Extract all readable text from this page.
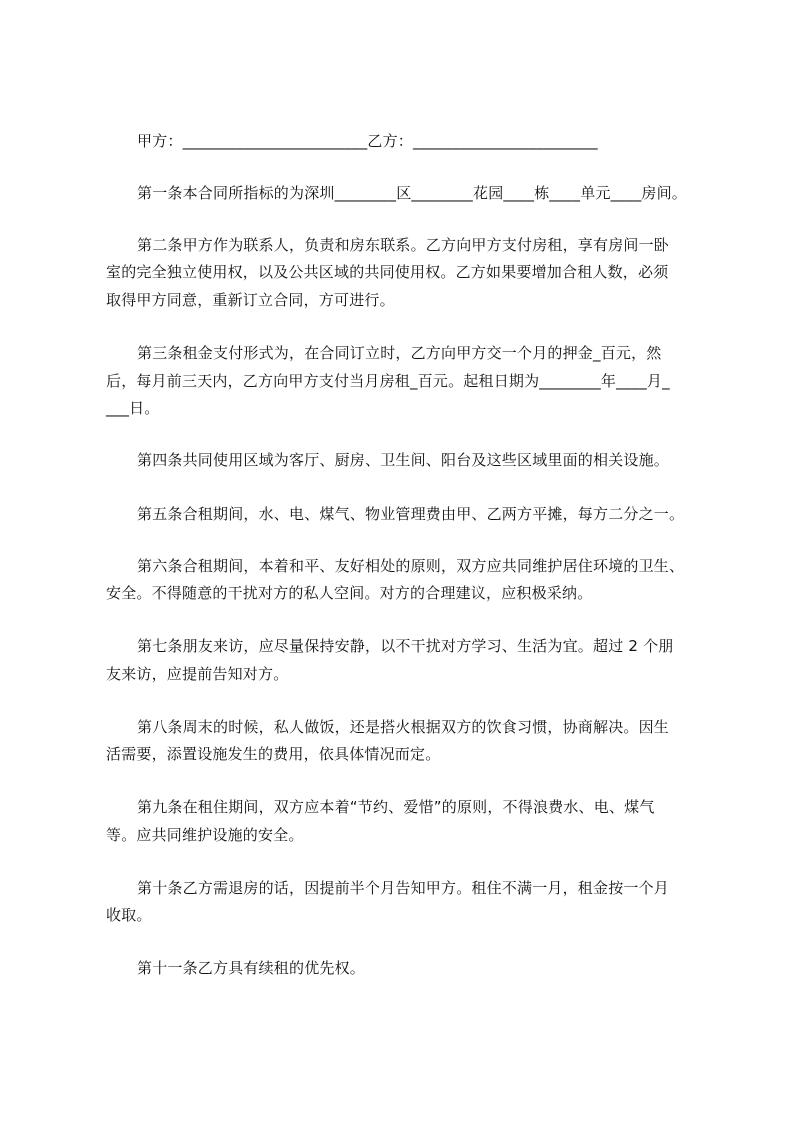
甲方：________________________乙方：________________________
第一条本合同所指标的为深圳________区________花园____栋____单元____房间。
第二条甲方作为联系人，负责和房东联系。乙方向甲方支付房租，享有房间一卧
室的完全独立使用权，以及公共区域的共同使用权。乙方如果要增加合租人数，必须
取得甲方同意，重新订立合同，方可进行。
第三条租金支付形式为，在合同订立时，乙方向甲方交一个月的押金_百元，然
后，每月前三天内，乙方向甲方支付当月房租_百元。起租日期为________年____月_
___日。
第四条共同使用区域为客厅、厨房、卫生间、阳台及这些区域里面的相关设施。
第五条合租期间，水、电、煤气、物业管理费由甲、乙两方平摊，每方二分之一。
第六条合租期间，本着和平、友好相处的原则，双方应共同维护居住环境的卫生、
安全。不得随意的干扰对方的私人空间。对方的合理建议，应积极采纳。
第七条朋友来访，应尽量保持安静，以不干扰对方学习、生活为宜。超过 2 个朋
友来访，应提前告知对方。
第八条周末的时候，私人做饭，还是搭火根据双方的饮食习惯，协商解决。因生
活需要，添置设施发生的费用，依具体情况而定。
第九条在租住期间，双方应本着“节约、爱惜”的原则，不得浪费水、电、煤气
等。应共同维护设施的安全。
第十条乙方需退房的话，因提前半个月告知甲方。租住不满一月，租金按一个月
收取。
第十一条乙方具有续租的优先权。
